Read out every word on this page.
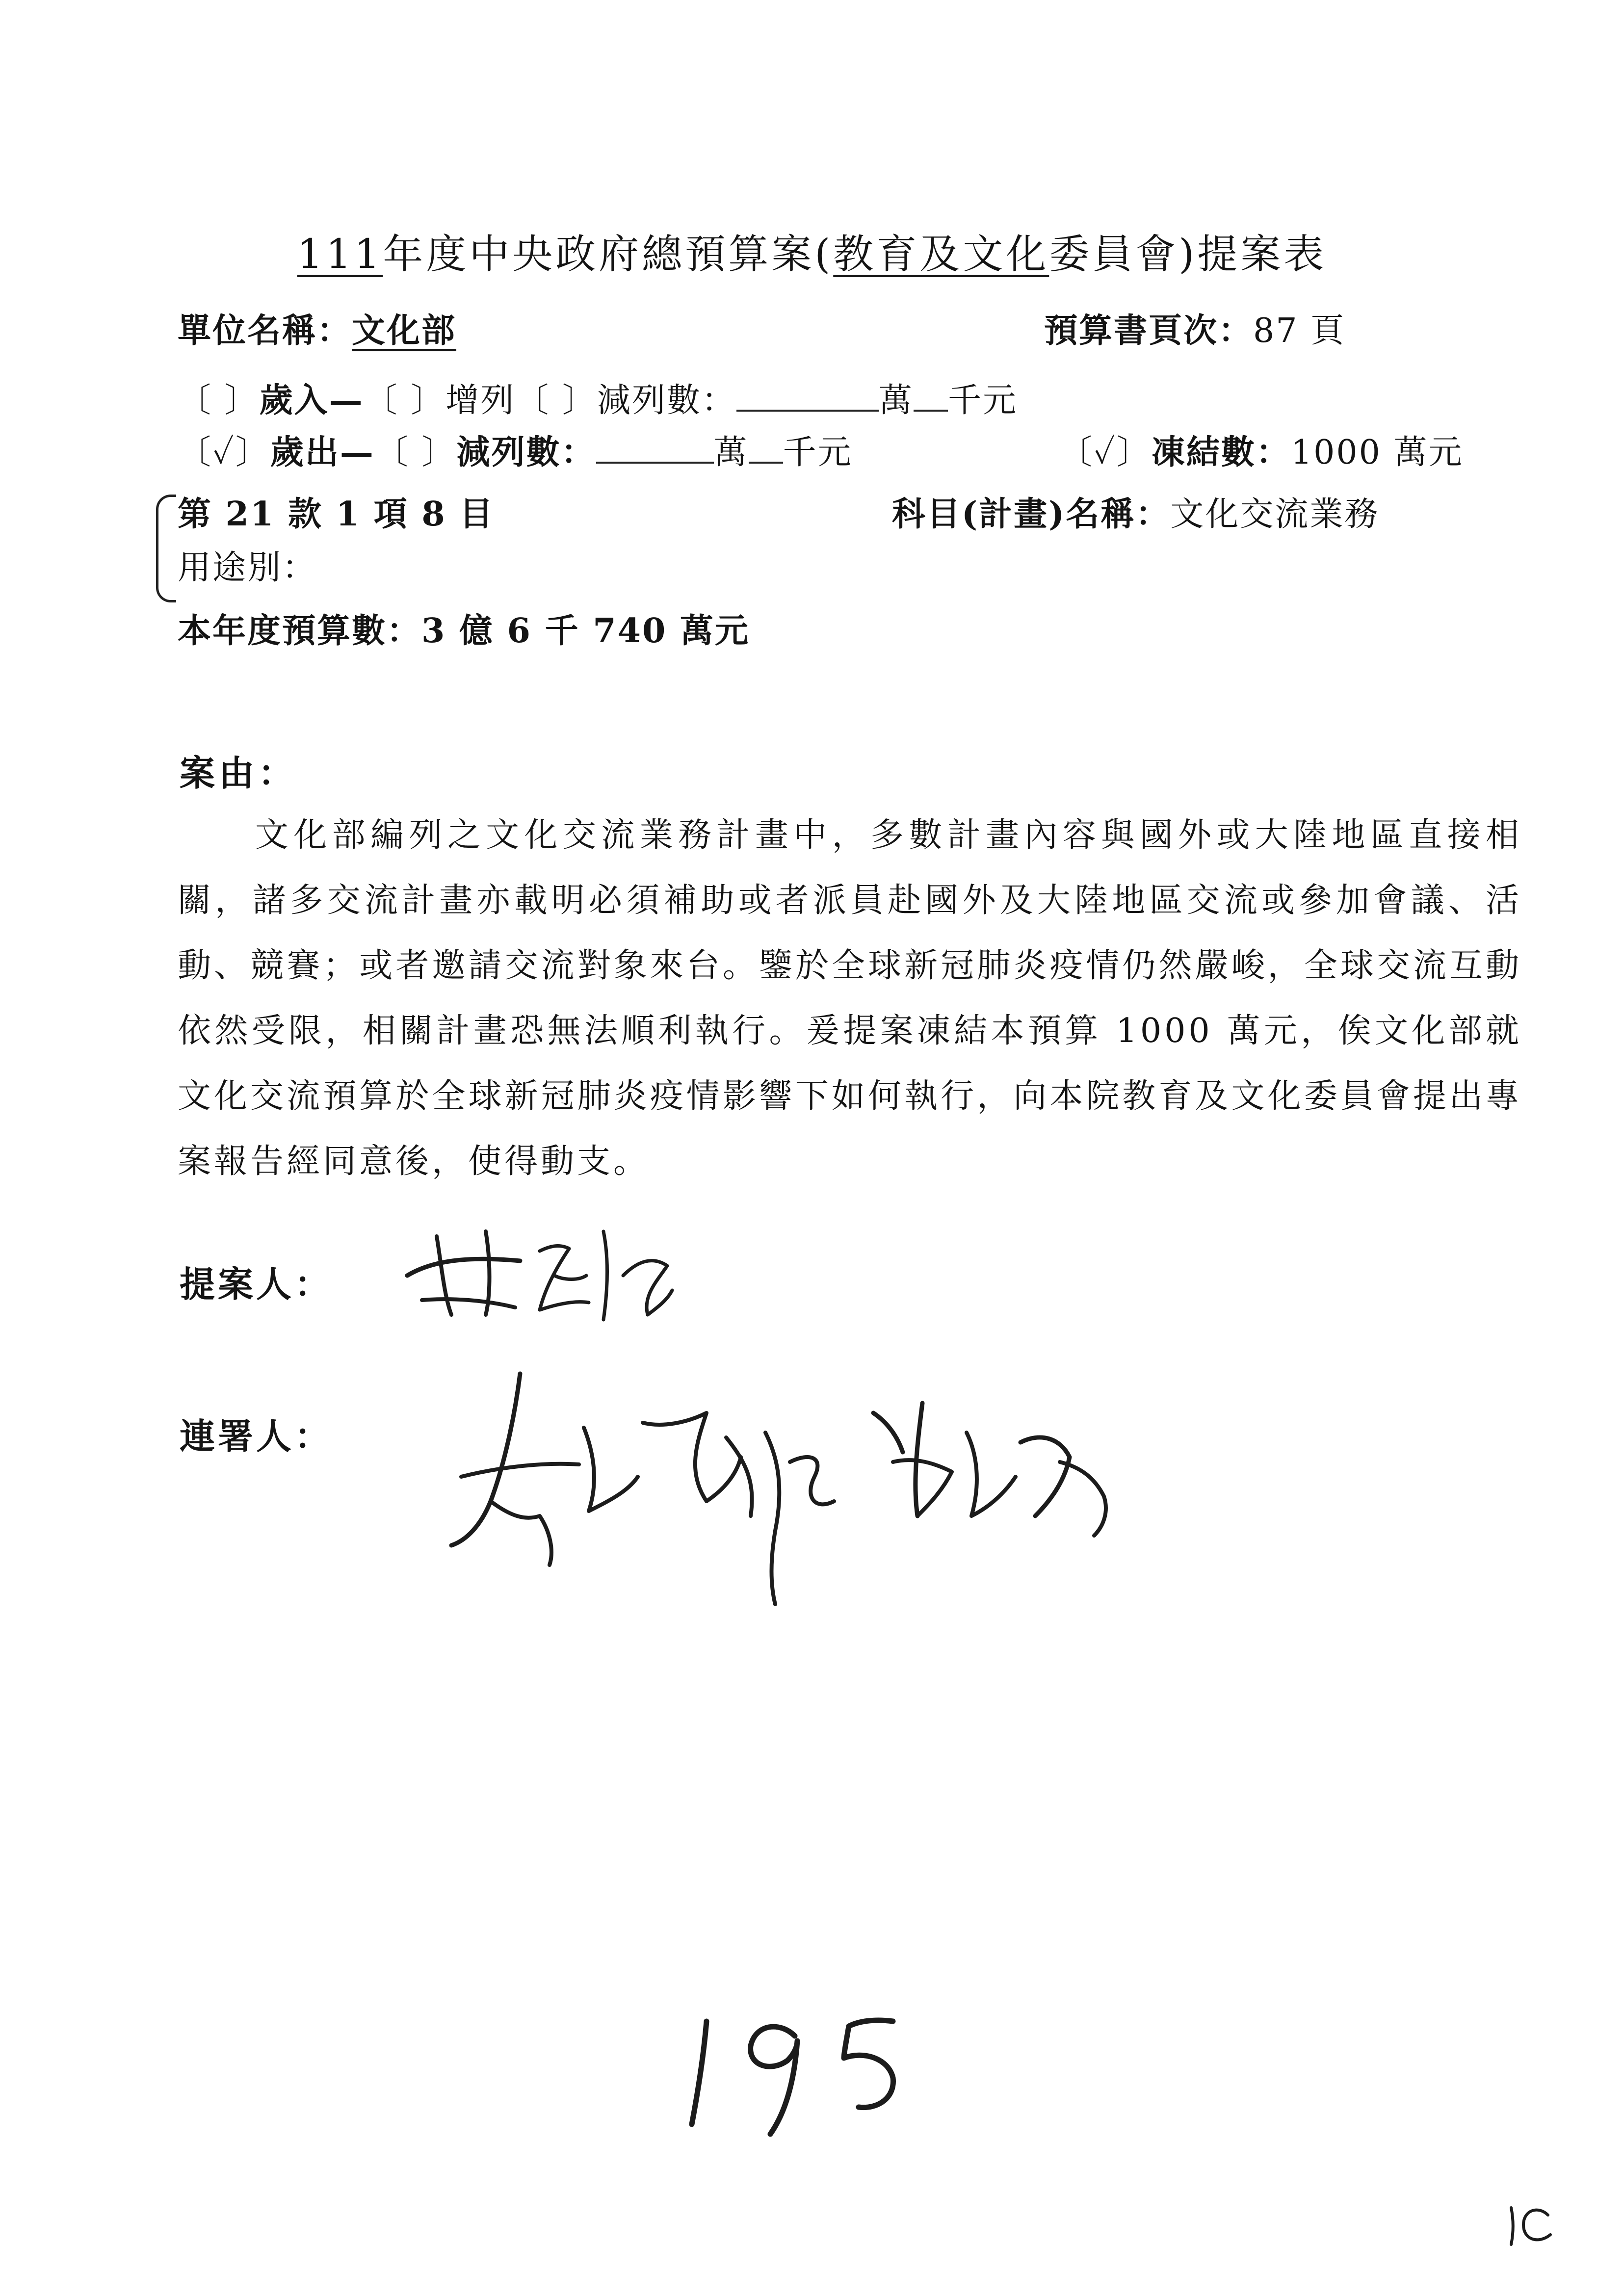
111年度中央政府總預算案(教育及文化委員會)提案表
單位名稱：文化部	預算書頁次：87 頁
〔 〕歲入—〔 〕增列〔 〕減列數：	萬 千元
〔✓〕歲出—〔 〕減列數：	萬 千元	〔✓〕凍結數：1000 萬元
第 21 款 1 項 8 目	科目(計畫)名稱：文化交流業務
用途別：
本年度預算數：3 億 6 千 740 萬元
案由：
文化部編列之文化交流業務計畫中，多數計畫內容與國外或大陸地區直接相關，諸多交流計畫亦載明必須補助或者派員赴國外及大陸地區交流或參加會議、活動、競賽；或者邀請交流對象來台。鑒於全球新冠肺炎疫情仍然嚴峻，全球交流互動依然受限，相關計畫恐無法順利執行。爰提案凍結本預算 1000 萬元，俟文化部就文化交流預算於全球新冠肺炎疫情影響下如何執行，向本院教育及文化委員會提出專案報告經同意後，使得動支。
提案人：
連署人：
